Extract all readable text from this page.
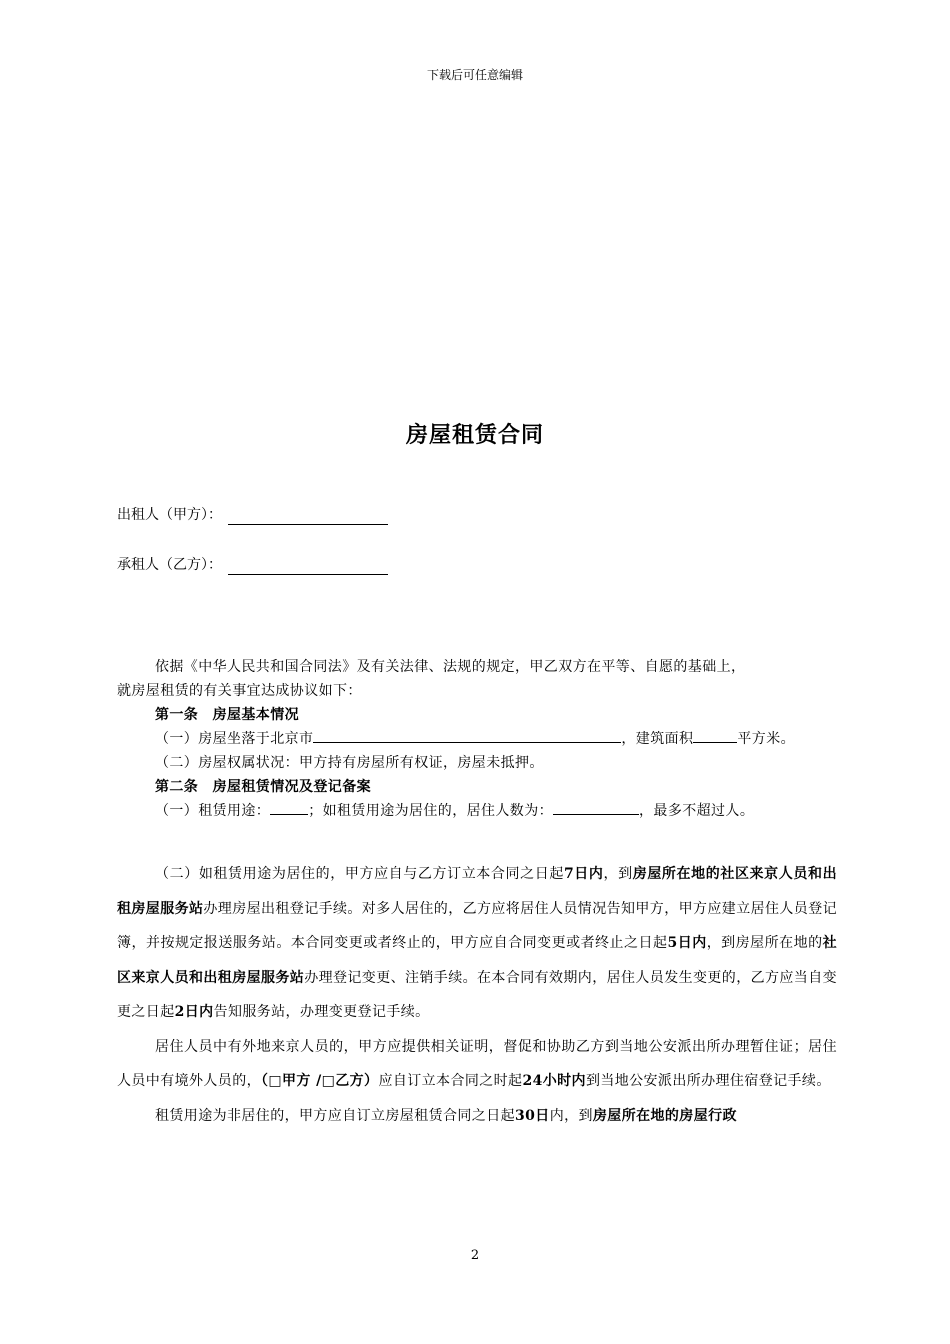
下载后可任意编辑
房屋租赁合同
出租人（甲方）：
承租人（乙方）：

依据《中华人民共和国合同法》及有关法律、法规的规定，甲乙双方在平等、自愿的基础上，

就房屋租赁的有关事宜达成协议如下：

第一条　房屋基本情况

（一）房屋坐落于北京市	，建筑面积	平方米。

（二）房屋权属状况：甲方持有房屋所有权证，房屋未抵押。

第二条　房屋租赁情况及登记备案

（一）租赁用途：	；如租赁用途为居住的，居住人数为：	，最多不超过人。

（二）如租赁用途为居住的，甲方应自与乙方订立本合同之日起7日内，到房屋所在地的社区来京人员和出租房屋服务站办理房屋出租登记手续。对多人居住的，乙方应将居住人员情况告知甲方，甲方应建立居住人员登记簿，并按规定报送服务站。本合同变更或者终止的，甲方应自合同变更或者终止之日起5日内，到房屋所在地的社区来京人员和出租房屋服务站办理登记变更、注销手续。在本合同有效期内，居住人员发生变更的，乙方应当自变更之日起2日内告知服务站，办理变更登记手续。

居住人员中有外地来京人员的，甲方应提供相关证明，督促和协助乙方到当地公安派出所办理暂住证；居住人员中有境外人员的，（□甲方 /□乙方）应自订立本合同之时起24小时内到当地公安派出所办理住宿登记手续。

租赁用途为非居住的，甲方应自订立房屋租赁合同之日起30日内，到房屋所在地的房屋行政

2
